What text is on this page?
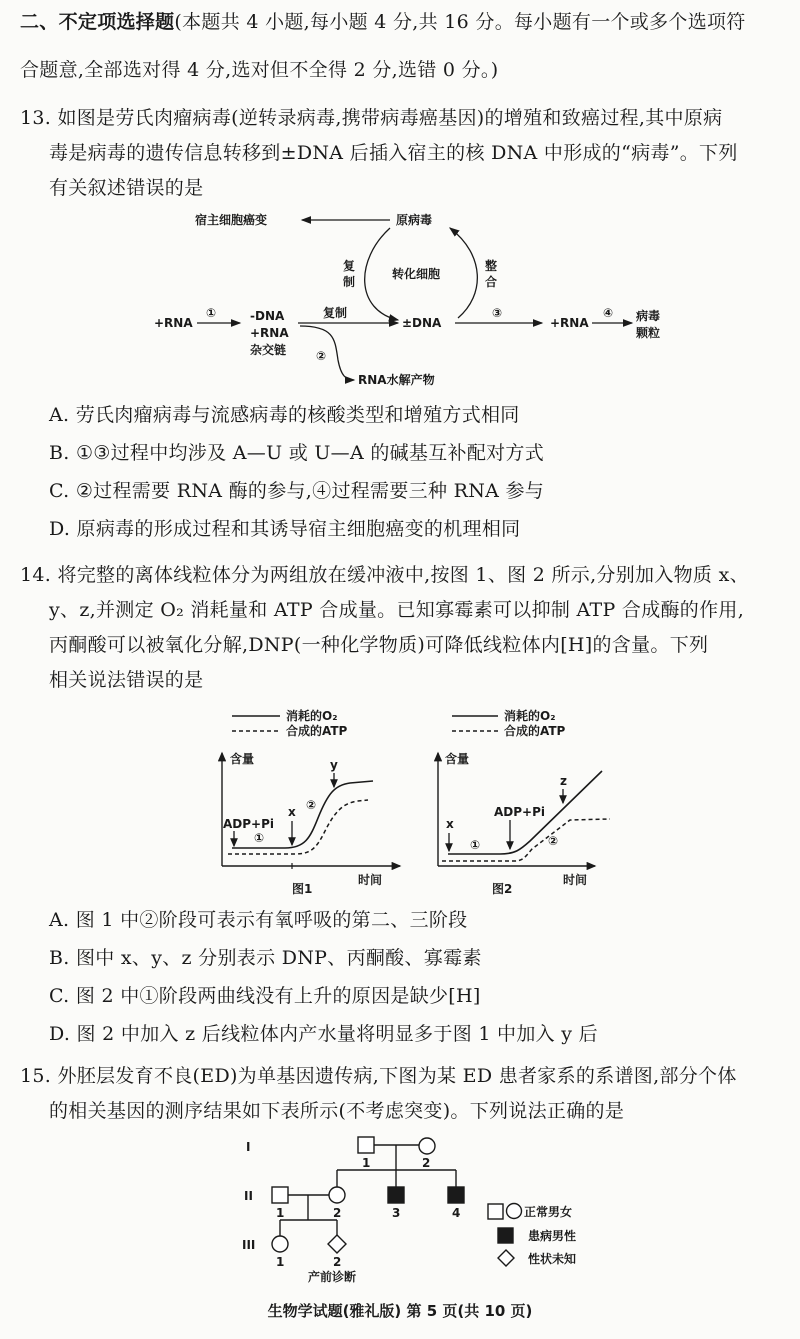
二、不定项选择题(本题共 4 小题,每小题 4 分,共 16 分。每小题有一个或多个选项符
合题意,全部选对得 4 分,选对但不全得 2 分,选错 0 分。)
13. 如图是劳氏肉瘤病毒(逆转录病毒,携带病毒癌基因)的增殖和致癌过程,其中原病
毒是病毒的遗传信息转移到±DNA 后插入宿主的核 DNA 中形成的“病毒”。下列
有关叙述错误的是
宿主细胞癌变	原病毒
复
制
转化细胞
整
合
+RNA
①	-DNA
+RNA
杂交链
复制
±DNA
③
+RNA
④ 病毒
颗粒
②
RNA水解产物
A. 劳氏肉瘤病毒与流感病毒的核酸类型和增殖方式相同
B. ①③过程中均涉及 A—U 或 U—A 的碱基互补配对方式
C. ②过程需要 RNA 酶的参与,④过程需要三种 RNA 参与
D. 原病毒的形成过程和其诱导宿主细胞癌变的机理相同
14. 将完整的离体线粒体分为两组放在缓冲液中,按图 1、图 2 所示,分别加入物质 x、
y、z,并测定 O₂ 消耗量和 ATP 合成量。已知寡霉素可以抑制 ATP 合成酶的作用,
丙酮酸可以被氧化分解,DNP(一种化学物质)可降低线粒体内[H]的含量。下列
相关说法错误的是
消耗的O₂
合成的ATP
含量
时间
图1
ADP+Pi
x
y
①
②
消耗的O₂
合成的ATP
含量
时间
图2
x
ADP+Pi
z
①	②
A. 图 1 中②阶段可表示有氧呼吸的第二、三阶段
B. 图中 x、y、z 分别表示 DNP、丙酮酸、寡霉素
C. 图 2 中①阶段两曲线没有上升的原因是缺少[H]
D. 图 2 中加入 z 后线粒体内产水量将明显多于图 1 中加入 y 后
15. 外胚层发育不良(ED)为单基因遗传病,下图为某 ED 患者家系的系谱图,部分个体
的相关基因的测序结果如下表所示(不考虑突变)。下列说法正确的是
I
II
III
1	2
1	2	3	4
1	2
产前诊断
正常男女
患病男性
性状未知
生物学试题(雅礼版) 第 5 页(共 10 页)
